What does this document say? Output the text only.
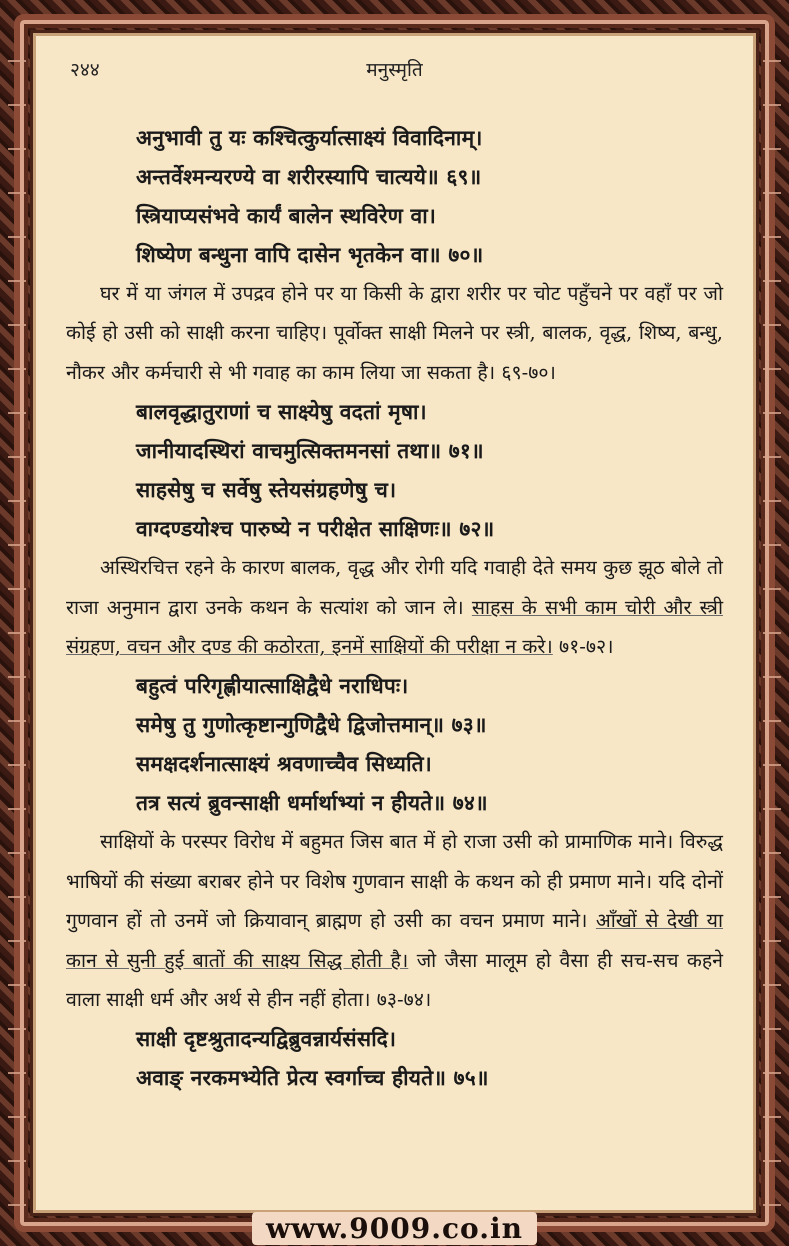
२४४	मनुस्मृति
अनुभावी तु यः कश्चित्कुर्यात्साक्ष्यं विवादिनाम्।
अन्तर्वेश्मन्यरण्ये वा शरीरस्यापि चात्यये॥ ६९॥
स्त्रियाप्यसंभवे कार्यं बालेन स्थविरेण वा।
शिष्येण बन्धुना वापि दासेन भृतकेन वा॥ ७०॥

घर में या जंगल में उपद्रव होने पर या किसी के द्वारा शरीर पर चोट पहुँचने पर वहाँ पर जो कोई हो उसी को साक्षी करना चाहिए। पूर्वोक्त साक्षी मिलने पर स्त्री, बालक, वृद्ध, शिष्य, बन्धु, नौकर और कर्मचारी से भी गवाह का काम लिया जा सकता है। ६९-७०।

बालवृद्धातुराणां च साक्ष्येषु वदतां मृषा।
जानीयादस्थिरां वाचमुत्सिक्तमनसां तथा॥ ७१॥
साहसेषु च सर्वेषु स्तेयसंग्रहणेषु च।
वाग्दण्डयोश्च पारुष्ये न परीक्षेत साक्षिणः॥ ७२॥

अस्थिरचित्त रहने के कारण बालक, वृद्ध और रोगी यदि गवाही देते समय कुछ झूठ बोले तो राजा अनुमान द्वारा उनके कथन के सत्यांश को जान ले। साहस के सभी काम चोरी और स्त्री संग्रहण, वचन और दण्ड की कठोरता, इनमें साक्षियों की परीक्षा न करे। ७१-७२।

बहुत्वं परिगृह्णीयात्साक्षिद्वैधे नराधिपः।
समेषु तु गुणोत्कृष्टान्गुणिद्वैधे द्विजोत्तमान्॥ ७३॥
समक्षदर्शनात्साक्ष्यं श्रवणाच्चैव सिध्यति।
तत्र सत्यं ब्रुवन्साक्षी धर्मार्थाभ्यां न हीयते॥ ७४॥

साक्षियों के परस्पर विरोध में बहुमत जिस बात में हो राजा उसी को प्रामाणिक माने। विरुद्ध भाषियों की संख्या बराबर होने पर विशेष गुणवान साक्षी के कथन को ही प्रमाण माने। यदि दोनों गुणवान हों तो उनमें जो क्रियावान् ब्राह्मण हो उसी का वचन प्रमाण माने। आँखों से देखी या कान से सुनी हुई बातों की साक्ष्य सिद्ध होती है। जो जैसा मालूम हो वैसा ही सच-सच कहने वाला साक्षी धर्म और अर्थ से हीन नहीं होता। ७३-७४।

साक्षी दृष्टश्रुतादन्यद्विब्रुवन्नार्यसंसदि।
अवाङ् नरकमभ्येति प्रेत्य स्वर्गाच्च हीयते॥ ७५॥
www.9009.co.in
